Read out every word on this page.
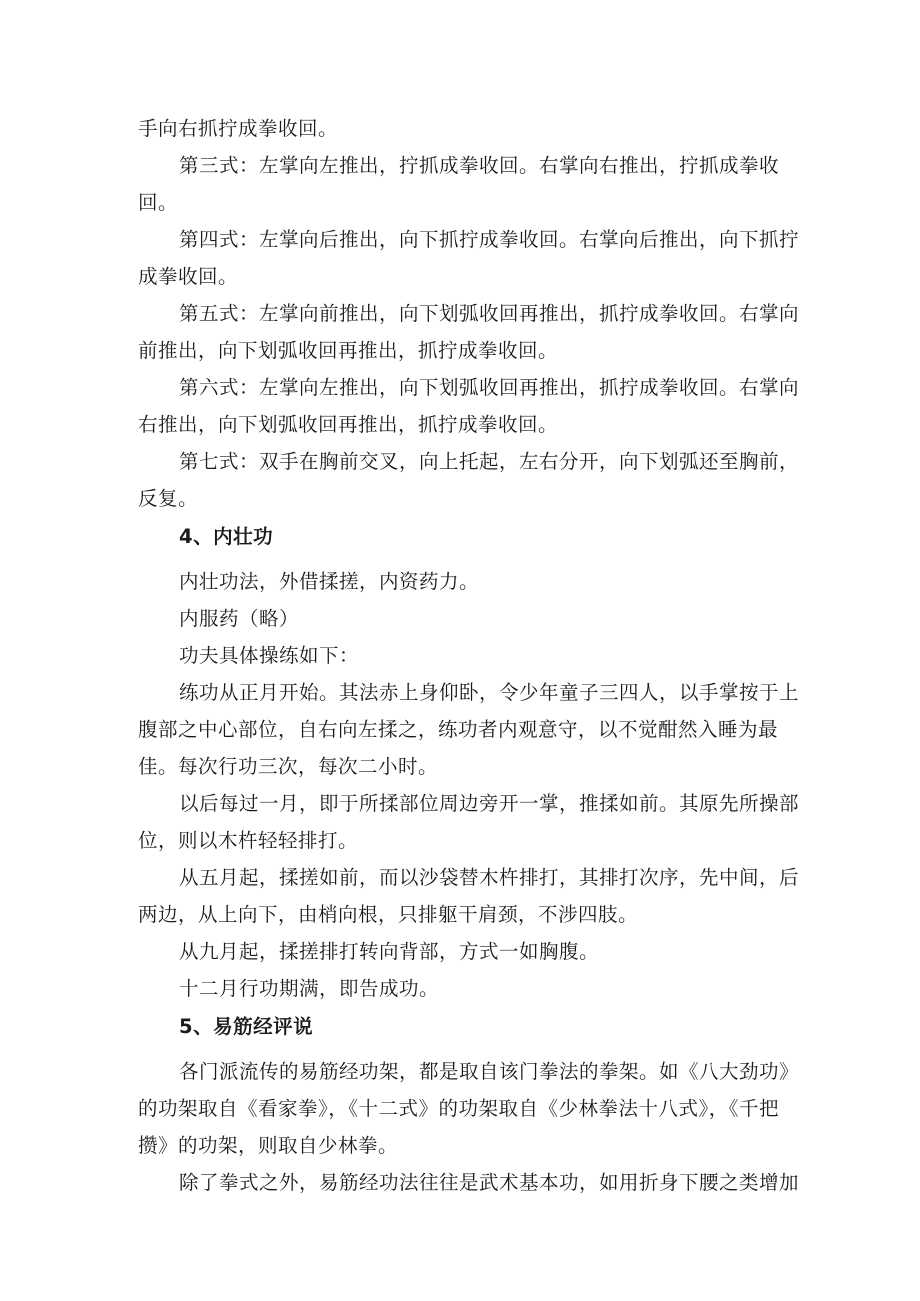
手向右抓拧成拳收回。

第三式：左掌向左推出，拧抓成拳收回。右掌向右推出，拧抓成拳收回。

第四式：左掌向后推出，向下抓拧成拳收回。右掌向后推出，向下抓拧成拳收回。

第五式：左掌向前推出，向下划弧收回再推出，抓拧成拳收回。右掌向前推出，向下划弧收回再推出，抓拧成拳收回。

第六式：左掌向左推出，向下划弧收回再推出，抓拧成拳收回。右掌向右推出，向下划弧收回再推出，抓拧成拳收回。

第七式：双手在胸前交叉，向上托起，左右分开，向下划弧还至胸前，反复。

4、内壮功

内壮功法，外借揉搓，内资药力。

内服药（略）

功夫具体操练如下：

练功从正月开始。其法赤上身仰卧，令少年童子三四人，以手掌按于上腹部之中心部位，自右向左揉之，练功者内观意守，以不觉酣然入睡为最佳。每次行功三次，每次二小时。

以后每过一月，即于所揉部位周边旁开一掌，推揉如前。其原先所操部位，则以木杵轻轻排打。

从五月起，揉搓如前，而以沙袋替木杵排打，其排打次序，先中间，后两边，从上向下，由梢向根，只排躯干肩颈，不涉四肢。

从九月起，揉搓排打转向背部，方式一如胸腹。

十二月行功期满，即告成功。

5、易筋经评说

各门派流传的易筋经功架，都是取自该门拳法的拳架。如《八大劲功》的功架取自《看家拳》，《十二式》的功架取自《少林拳法十八式》，《千把攒》的功架，则取自少林拳。

除了拳式之外，易筋经功法往往是武术基本功，如用折身下腰之类增加
